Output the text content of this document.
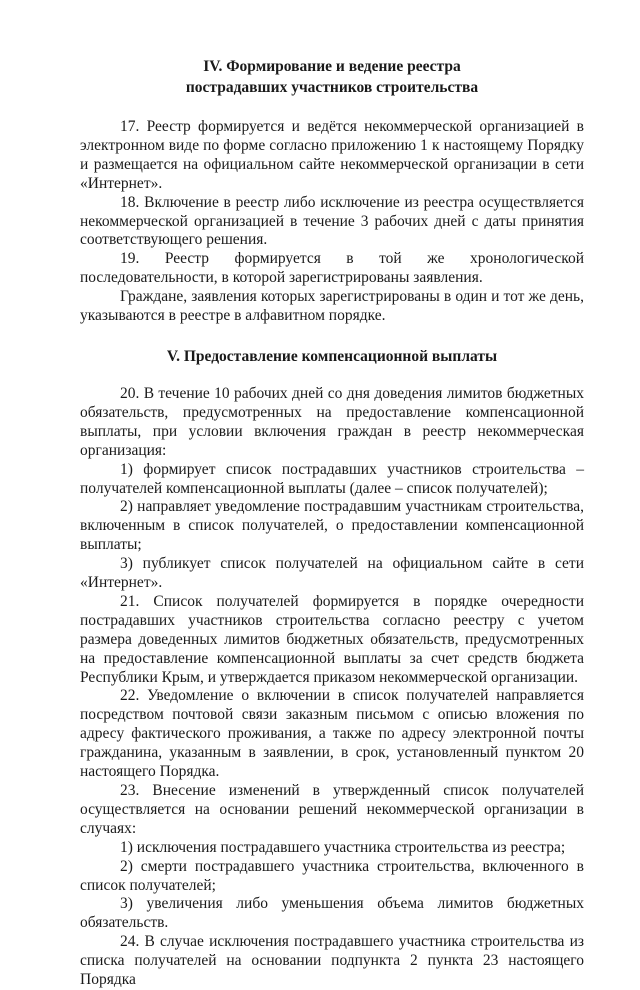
IV. Формирование и ведение реестра
пострадавших участников строительства

17. Реестр формируется и ведётся некоммерческой организацией в электронном виде по форме согласно приложению 1 к настоящему Порядку и размещается на официальном сайте некоммерческой организации в сети «Интернет».

18. Включение в реестр либо исключение из реестра осуществляется некоммерческой организацией в течение 3 рабочих дней с даты принятия соответствующего решения.

19. Реестр формируется в той же хронологической последовательности, в которой зарегистрированы заявления.

Граждане, заявления которых зарегистрированы в один и тот же день, указываются в реестре в алфавитном порядке.

V. Предоставление компенсационной выплаты

20. В течение 10 рабочих дней со дня доведения лимитов бюджетных обязательств, предусмотренных на предоставление компенсационной выплаты, при условии включения граждан в реестр некоммерческая организация:

1) формирует список пострадавших участников строительства – получателей компенсационной выплаты (далее – список получателей);

2) направляет уведомление пострадавшим участникам строительства, включенным в список получателей, о предоставлении компенсационной выплаты;

3) публикует список получателей на официальном сайте в сети «Интернет».

21. Список получателей формируется в порядке очередности пострадавших участников строительства согласно реестру с учетом размера доведенных лимитов бюджетных обязательств, предусмотренных на предоставление компенсационной выплаты за счет средств бюджета Республики Крым, и утверждается приказом некоммерческой организации.

22. Уведомление о включении в список получателей направляется посредством почтовой связи заказным письмом с описью вложения по адресу фактического проживания, а также по адресу электронной почты гражданина, указанным в заявлении, в срок, установленный пунктом 20 настоящего Порядка.

23. Внесение изменений в утвержденный список получателей осуществляется на основании решений некоммерческой организации в случаях:

1) исключения пострадавшего участника строительства из реестра;

2) смерти пострадавшего участника строительства, включенного в список получателей;

3) увеличения либо уменьшения объема лимитов бюджетных обязательств.

24. В случае исключения пострадавшего участника строительства из списка получателей на основании подпункта 2 пункта 23 настоящего Порядка
